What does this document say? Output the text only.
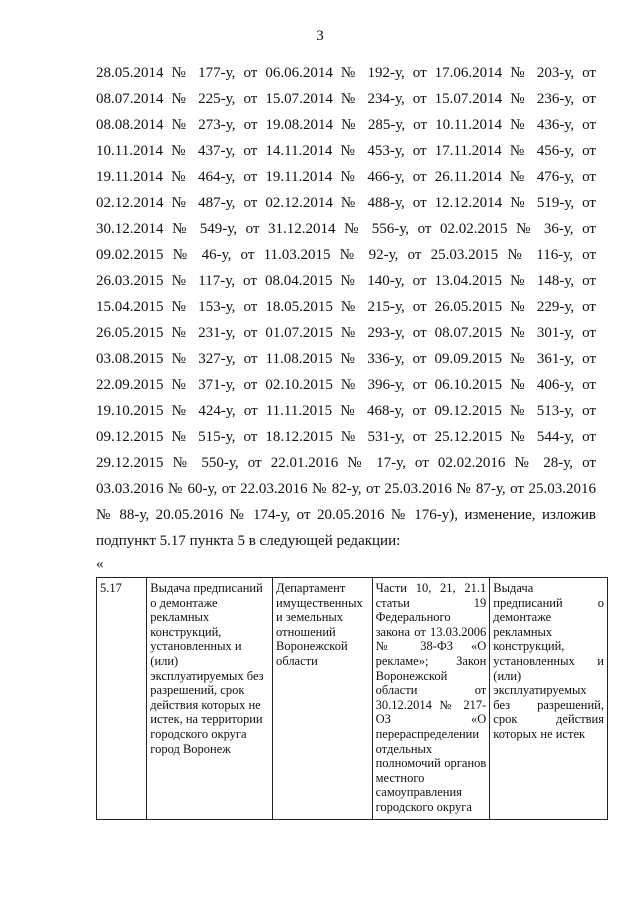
3
28.05.2014 № 177-у, от 06.06.2014 № 192-у, от 17.06.2014 № 203-у, от
08.07.2014 № 225-у, от 15.07.2014 № 234-у, от 15.07.2014 № 236-у, от
08.08.2014 № 273-у, от 19.08.2014 № 285-у, от 10.11.2014 № 436-у, от
10.11.2014 № 437-у, от 14.11.2014 № 453-у, от 17.11.2014 № 456-у, от
19.11.2014 № 464-у, от 19.11.2014 № 466-у, от 26.11.2014 № 476-у, от
02.12.2014 № 487-у, от 02.12.2014 № 488-у, от 12.12.2014 № 519-у, от
30.12.2014 № 549-у, от 31.12.2014 № 556-у, от 02.02.2015 № 36-у, от
09.02.2015 № 46-у, от 11.03.2015 № 92-у, от 25.03.2015 № 116-у, от
26.03.2015 № 117-у, от 08.04.2015 № 140-у, от 13.04.2015 № 148-у, от
15.04.2015 № 153-у, от 18.05.2015 № 215-у, от 26.05.2015 № 229-у, от
26.05.2015 № 231-у, от 01.07.2015 № 293-у, от 08.07.2015 № 301-у, от
03.08.2015 № 327-у, от 11.08.2015 № 336-у, от 09.09.2015 № 361-у, от
22.09.2015 № 371-у, от 02.10.2015 № 396-у, от 06.10.2015 № 406-у, от
19.10.2015 № 424-у, от 11.11.2015 № 468-у, от 09.12.2015 № 513-у, от
09.12.2015 № 515-у, от 18.12.2015 № 531-у, от 25.12.2015 № 544-у, от
29.12.2015 № 550-у, от 22.01.2016 № 17-у, от 02.02.2016 № 28-у, от
03.03.2016 № 60-у, от 22.03.2016 № 82-у, от 25.03.2016 № 87-у, от 25.03.2016
№ 88-у, 20.05.2016 № 174-у, от 20.05.2016 № 176-у), изменение, изложив
подпункт 5.17 пункта 5 в следующей редакции:
«
5.17	Выдача предписаний
о демонтаже
рекламных
конструкций,
установленных и
(или)
эксплуатируемых без
разрешений, срок
действия которых не
истек, на территории
городского округа
город Воронеж	Департамент
имущественных
и земельных
отношений
Воронежской
области	Части 10, 21, 21.1 статьи 19 Федерального закона от 13.03.2006 № 38-ФЗ «О рекламе»; Закон Воронежской области от 30.12.2014 № 217-ОЗ «О перераспределении отдельных полномочий органов местного самоуправления городского округа	Выдача предписаний о демонтаже рекламных конструкций, установленных и (или) эксплуатируемых без разрешений, срок действия которых не истек
